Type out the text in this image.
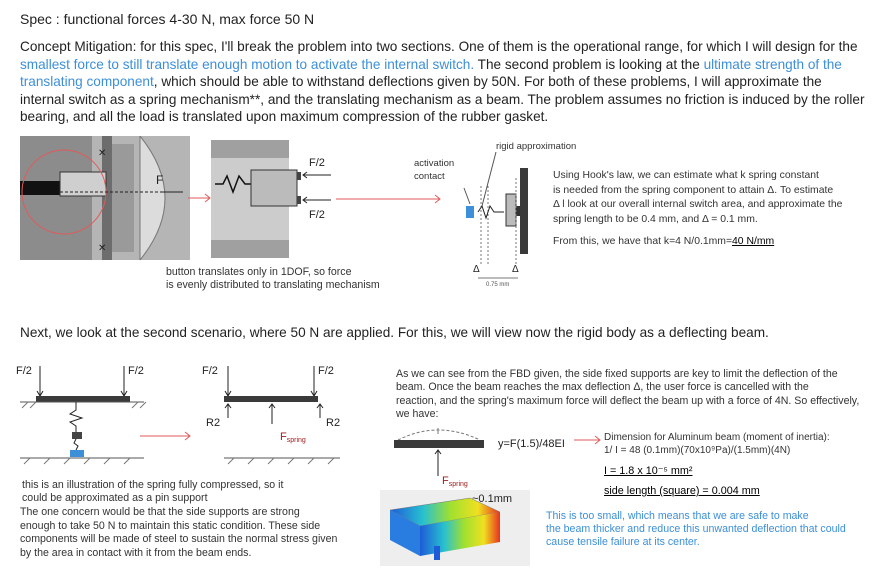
Spec : functional forces 4-30 N, max force 50 N

Concept Mitigation: for this spec, I'll break the problem into two sections. One of them is the operational range, for which I will design for the smallest force to still translate enough motion to activate the internal switch. The second problem is looking at the ultimate strength of the translating component, which should be able to withstand deflections given by 50N. For both of these problems, I will approximate the internal switch as a spring mechanism**, and the translating mechanism as a beam. The problem assumes no friction is induced by the roller bearing, and all the load is translated upon maximum compression of the rubber gasket.

F
✕
✕
F/2
F/2
button translates only in 1DOF, so force
is evenly distributed to translating mechanism
rigid approximation
activation
contact
Δ	Δ
0.75 mm
Using Hook's law, we can estimate what k spring constant
is needed from the spring component to attain Δ. To estimate
Δ l look at our overall internal switch area, and approximate the
spring length to be 0.4 mm, and Δ = 0.1 mm.
From this, we have that k=4 N/0.1mm=40 N/mm
Next, we look at the second scenario, where 50 N are applied. For this, we will view now the rigid body as a deflecting beam.
F/2	F/2	F/2	F/2
R2	R2
Fspring
this is an illustration of the spring fully compressed, so it
could be approximated as a pin support
The one concern would be that the side supports are strong
enough to take 50 N to maintain this static condition. These side
components will be made of steel to sustain the normal stress given
by the area in contact with it from the beam ends.
As we can see from the FBD given, the side fixed supports are key to limit the deflection of the
beam. Once the beam reaches the max deflection Δ, the user force is cancelled with the
reaction, and the spring's maximum force will deflect the beam up with a force of 4N. So effectively,
we have:
Fspring
y=F(1.5)/48EI
Dimension for Aluminum beam (moment of inertia):
1/ I = 48 (0.1mm)(70x10⁹Pa)/(1.5mm)(4N)
I = 1.8 x 10⁻⁵ mm²
side length (square) = 0.004 mm
~0.1mm
This is too small, which means that we are safe to make
the beam thicker and reduce this unwanted deflection that could
cause tensile failure at its center.
